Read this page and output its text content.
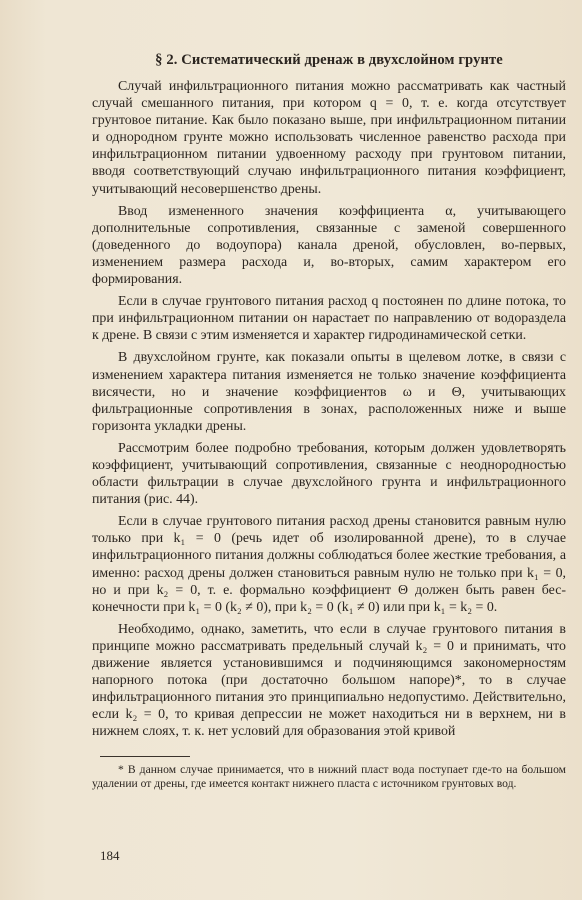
§ 2. Систематический дренаж в двухслойном грунте

Случай инфильтрационного питания можно рассматривать как частный случай смешанного питания, при котором q = 0, т. е. когда отсутствует грунтовое питание. Как было показано выше, при инфильтрационном питании и однородном грунте можно использовать численное равенство расхода при инфильтрационном питании удвоенному расходу при грунтовом питании, вводя соответствующий случаю инфильтрационного питания коэффициент, учитывающий несовершенство дрены.

Ввод измененного значения коэффициента α, учитывающего дополнительные сопротивления, связанные с заменой совершенного (доведенного до водоупора) канала дреной, обусловлен, во-первых, изменением размера расхода и, во-вторых, самим характером его формирования.

Если в случае грунтового питания расход q постоянен по длине потока, то при инфильтрационном питании он нарастает по направлению от водораздела к дрене. В связи с этим изменяется и характер гидродинамической сетки.

В двухслойном грунте, как показали опыты в щелевом лотке, в связи с изменением характера питания изменяется не только значение коэффициента висячести, но и значение коэффициентов ω и Θ, учитывающих фильтрационные сопротивления в зонах, расположенных ниже и выше горизонта укладки дрены.

Рассмотрим более подробно требования, которым должен удовлетворять коэффициент, учитывающий сопротивления, связанные с неоднородностью области фильтрации в случае двухслойного грунта и инфильтрационного питания (рис. 44).

Если в случае грунтового питания расход дрены становится равным нулю только при k₁ = 0 (речь идет об изолированной дрене), то в случае инфильтрационного питания должны соблюдаться более жесткие требования, а именно: расход дрены должен становиться равным нулю не только при k₁ = 0, но и при k₂ = 0, т. е. формально коэффициент Θ должен быть равен бесконечности при k₁ = 0 (k₂ ≠ 0), при k₂ = 0 (k₁ ≠ 0) или при k₁ = k₂ = 0.

Необходимо, однако, заметить, что если в случае грунтового питания в принципе можно рассматривать предельный случай k₂ = 0 и принимать, что движение является установившимся и подчиняющимся закономерностям напорного потока (при достаточно большом напоре)*, то в случае инфильтрационного питания это принципиально недопустимо. Действительно, если k₂ = 0, то кривая депрессии не может находиться ни в верхнем, ни в нижнем слоях, т. к. нет условий для образования этой кривой

* В данном случае принимается, что в нижний пласт вода поступает где-то на большом удалении от дрены, где имеется контакт нижнего пласта с источником грунтовых вод.

184
